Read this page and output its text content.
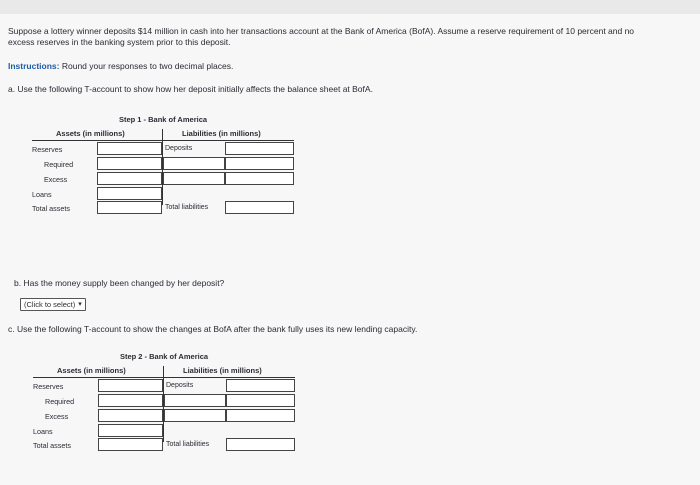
Suppose a lottery winner deposits $14 million in cash into her transactions account at the Bank of America (BofA). Assume a reserve requirement of 10 percent and no excess reserves in the banking system prior to this deposit.
Instructions: Round your responses to two decimal places.
a. Use the following T-account to show how her deposit initially affects the balance sheet at BofA.
Step 1 - Bank of America
Assets (in millions)	Liabilities (in millions)
Reserves
Required
Excess
Loans
Total assets
Deposits
Total liabilities
b. Has the money supply been changed by her deposit?
(Click to select) ▾
c. Use the following T-account to show the changes at BofA after the bank fully uses its new lending capacity.
Step 2 - Bank of America
Assets (in millions)	Liabilities (in millions)
Reserves
Required
Excess
Loans
Total assets
Deposits
Total liabilities
